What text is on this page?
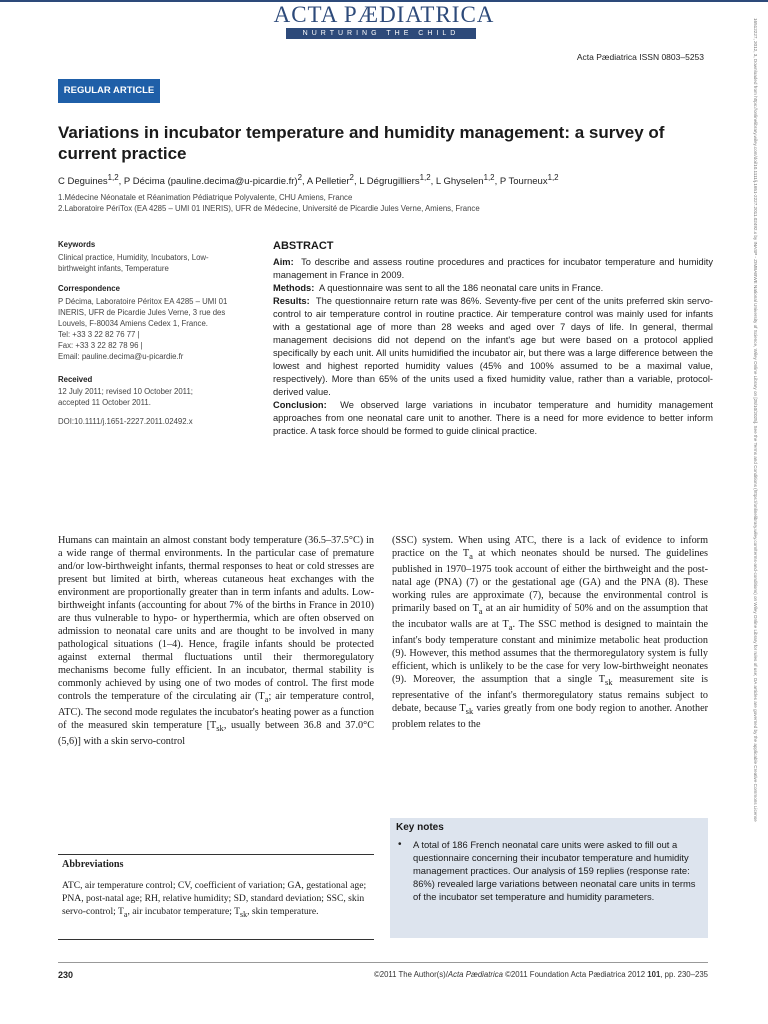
ACTA PÆDIATRICA
NURTURING THE CHILD
Acta Pædiatrica ISSN 0803–5253
REGULAR ARTICLE
Variations in incubator temperature and humidity management: a survey of current practice
C Deguines$^{1,2}$, P Décima (pauline.decima@u-picardie.fr)$^2$, A Pelletier$^2$, L Dégrugilliers$^{1,2}$, L Ghyselen$^{1,2}$, P Tourneux$^{1,2}$
1.Médecine Néonatale et Réanimation Pédiatrique Polyvalente, CHU Amiens, France
2.Laboratoire PériTox (EA 4285 – UMI 01 INERIS), UFR de Médecine, Université de Picardie Jules Verne, Amiens, France
Keywords
Clinical practice, Humidity, Incubators, Low-
birthweight infants, Temperature
Correspondence
P Décima, Laboratoire Péritox EA 4285 – UMI 01
INERIS, UFR de Picardie Jules Verne, 3 rue des
Louvels, F-80034 Amiens Cedex 1, France.
Tel: +33 3 22 82 76 77 |
Fax: +33 3 22 82 78 96 |
Email: pauline.decima@u-picardie.fr
Received
12 July 2011; revised 10 October 2011;
accepted 11 October 2011.
DOI:10.1111/j.1651-2227.2011.02492.x
ABSTRACT
Aim:  To describe and assess routine procedures and practices for incubator temperature and humidity management in France in 2009.
Methods:  A questionnaire was sent to all the 186 neonatal care units in France.
Results:  The questionnaire return rate was 86%. Seventy-five per cent of the units preferred skin servo-control to air temperature control in routine practice. Air temperature control was mainly used for infants with a gestational age of more than 28 weeks and aged over 7 days of life. In general, thermal management decisions did not depend on the infant's age but were based on a protocol applied specifically by each unit. All units humidified the incubator air, but there was a large difference between the lowest and highest reported humidity values (45% and 100% assumed to be a maximal value, respectively). More than 65% of the units used a fixed humidity value, rather than a variable, protocol-derived value.
Conclusion:  We observed large variations in incubator temperature and humidity management approaches from one neonatal care unit to another. There is a need for more evidence to better inform practice. A task force should be formed to guide clinical practice.
Humans can maintain an almost constant body temperature (36.5–37.5°C) in a wide range of thermal environments. In the particular case of premature and/or low-birthweight infants, thermal responses to heat or cold stresses are present but limited at birth, whereas cutaneous heat exchanges with the environment are proportionally greater than in term infants and adults. Low-birthweight infants (accounting for about 7% of the births in France in 2010) are thus vulnerable to hypo- or hyperthermia, which are often observed on admission to neonatal care units and are thought to be involved in many pathological situations (1–4). Hence, fragile infants should be protected against external thermal fluctuations until their thermoregulatory mechanisms become fully efficient. In an incubator, thermal stability is commonly achieved by using one of two modes of control. The first mode controls the temperature of the circulating air ($T_a$; air temperature control, ATC). The second mode regulates the incubator's heating power as a function of the measured skin temperature [$T_{sk}$, usually between 36.8 and 37.0°C (5,6)] with a skin servo-control
(SSC) system. When using ATC, there is a lack of evidence to inform practice on the $T_a$ at which neonates should be nursed. The guidelines published in 1970–1975 took account of either the birthweight and the post-natal age (PNA) (7) or the gestational age (GA) and the PNA (8). These working rules are approximate (7), because the environmental control is primarily based on $T_a$ at an air humidity of 50% and on the assumption that the incubator walls are at $T_a$. The SSC method is designed to maintain the infant's body temperature constant and minimize metabolic heat production (9). However, this method assumes that the thermoregulatory system is fully efficient, which is unlikely to be the case for very low-birthweight neonates (9). Moreover, the assumption that a single $T_{sk}$ measurement site is representative of the infant's thermoregulatory status remains subject to debate, because $T_{sk}$ varies greatly from one body region to another. Another problem relates to the
Abbreviations
ATC, air temperature control; CV, coefficient of variation; GA, gestational age; PNA, post-natal age; RH, relative humidity; SD, standard deviation; SSC, skin servo-control; $T_a$, air incubator temperature; $T_{sk}$, skin temperature.
Key notes
• A total of 186 French neonatal care units were asked to fill out a questionnaire concerning their incubator temperature and humidity management practices. Our analysis of 159 replies (response rate: 86%) revealed large variations between neonatal care units in terms of the incubator set temperature and humidity parameters.
230	©2011 The Author(s)/Acta Pædiatrica ©2011 Foundation Acta Pædiatrica 2012 101, pp. 230–235
16512227, 2012, 3, Downloaded from https://onlinelibrary.wiley.com/doi/10.1111/j.1651-2227.2011.02492.x by INASP - ZIMBABWE National University of Science, Wiley Online Library on [28/10/2025]. See the Terms and Conditions (https://onlinelibrary.wiley.com/terms-and-conditions) on Wiley Online Library for rules of use; OA articles are governed by the applicable Creative Commons License
